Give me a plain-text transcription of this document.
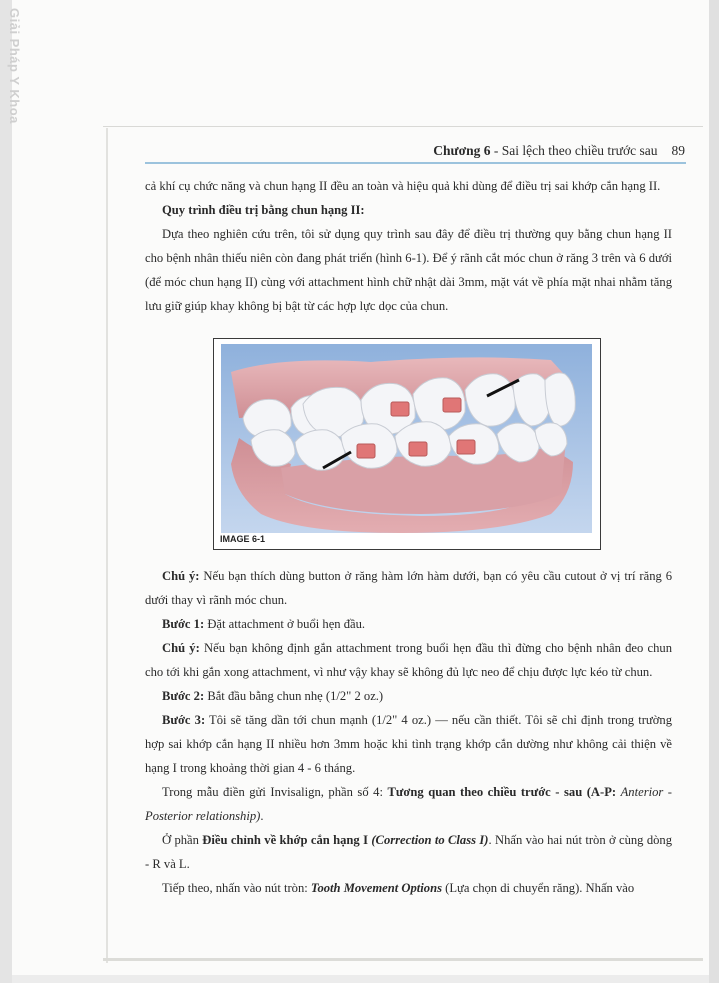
Giải Pháp Y Khoa
Chương 6 - Sai lệch theo chiều trước sau 89
cả khí cụ chức năng và chun hạng II đều an toàn và hiệu quả khi dùng để điều trị sai khớp cắn hạng II.
Quy trình điều trị bằng chun hạng II:
Dựa theo nghiên cứu trên, tôi sử dụng quy trình sau đây để điều trị thường quy bằng chun hạng II cho bệnh nhân thiếu niên còn đang phát triển (hình 6-1). Để ý rãnh cắt móc chun ở răng 3 trên và 6 dưới (để móc chun hạng II) cùng với attachment hình chữ nhật dài 3mm, mặt vát về phía mặt nhai nhằm tăng lưu giữ giúp khay không bị bật từ các hợp lực dọc của chun.
IMAGE 6-1
Chú ý: Nếu bạn thích dùng button ở răng hàm lớn hàm dưới, bạn có yêu cầu cutout ở vị trí răng 6 dưới thay vì rãnh móc chun.
Bước 1: Đặt attachment ở buổi hẹn đầu.
Chú ý: Nếu bạn không định gắn attachment trong buổi hẹn đầu thì đừng cho bệnh nhân đeo chun cho tới khi gắn xong attachment, vì như vậy khay sẽ không đủ lực neo để chịu được lực kéo từ chun.
Bước 2: Bắt đầu bằng chun nhẹ (1/2" 2 oz.)
Bước 3: Tôi sẽ tăng dần tới chun mạnh (1/2" 4 oz.) — nếu cần thiết. Tôi sẽ chỉ định trong trường hợp sai khớp cắn hạng II nhiều hơn 3mm hoặc khi tình trạng khớp cắn dường như không cải thiện về hạng I trong khoảng thời gian 4 - 6 tháng.
Trong mẫu điền gửi Invisalign, phần số 4: Tương quan theo chiều trước - sau (A-P: Anterior - Posterior relationship).
Ở phần Điều chỉnh về khớp cắn hạng I (Correction to Class I). Nhấn vào hai nút tròn ở cùng dòng - R và L.
Tiếp theo, nhấn vào nút tròn: Tooth Movement Options (Lựa chọn di chuyển răng). Nhấn vào
